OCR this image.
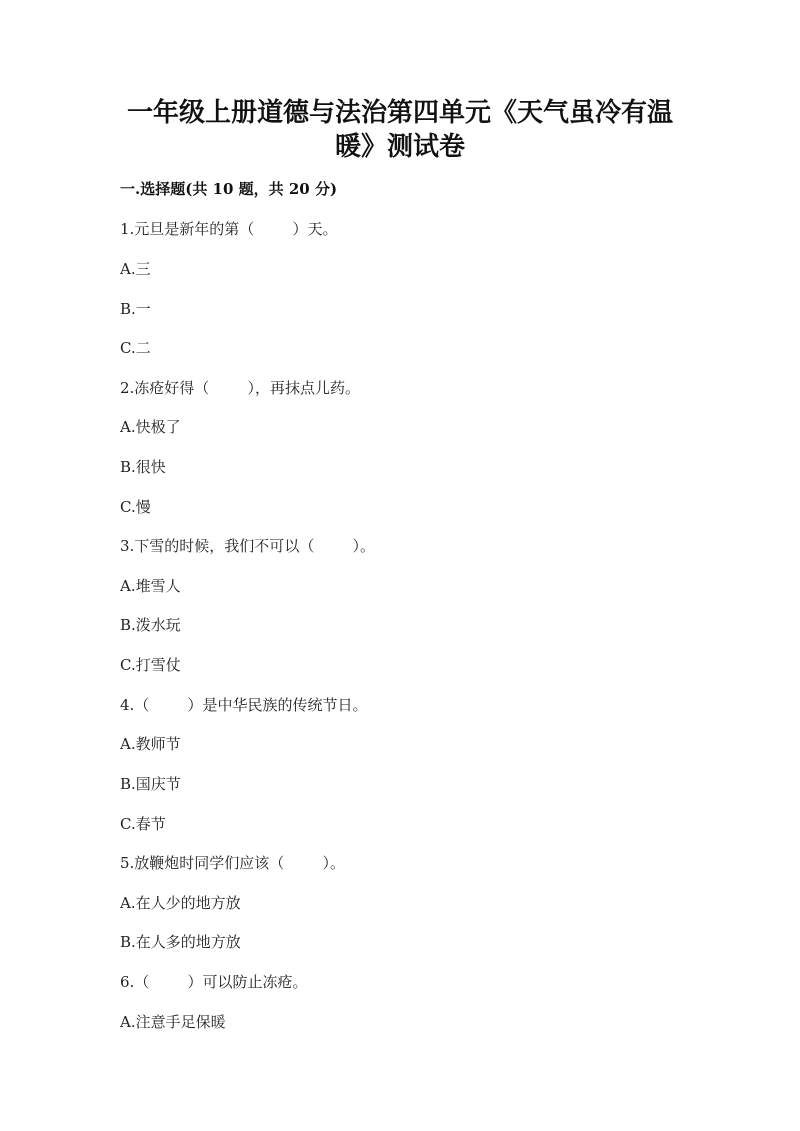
一年级上册道德与法治第四单元《天气虽冷有温
暖》测试卷
一.选择题(共 10 题，共 20 分)
1.元旦是新年的第（        ）天。
A.三
B.一
C.二
2.冻疮好得（        ），再抹点儿药。
A.快极了
B.很快
C.慢
3.下雪的时候，我们不可以（        ）。
A.堆雪人
B.泼水玩
C.打雪仗
4.（        ）是中华民族的传统节日。
A.教师节
B.国庆节
C.春节
5.放鞭炮时同学们应该（        ）。
A.在人少的地方放
B.在人多的地方放
6.（        ）可以防止冻疮。
A.注意手足保暖
